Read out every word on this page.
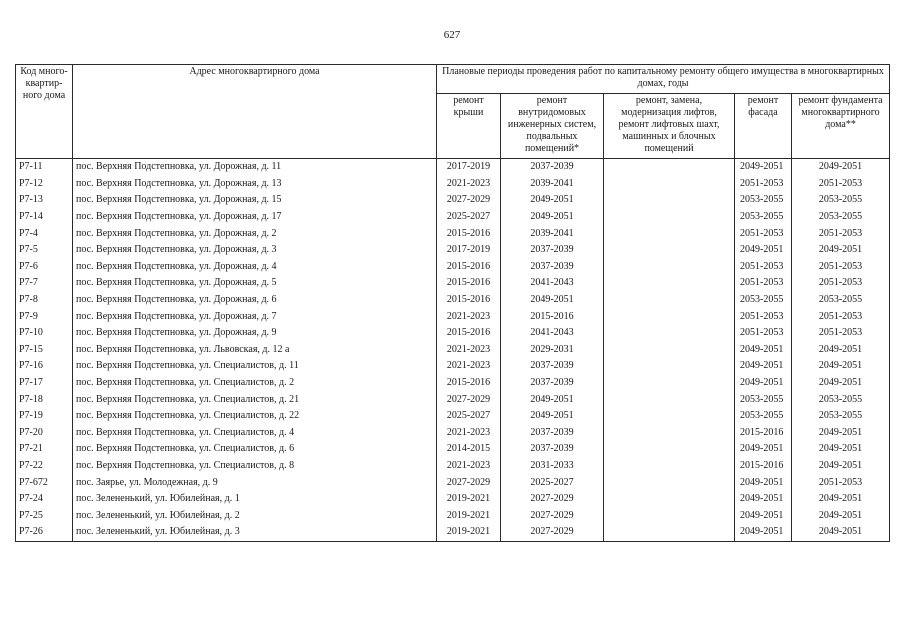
627
Код много-квартир-ного дома	Адрес многоквартирного дома	Плановые периоды проведения работ по капитальному ремонту общего имущества в многоквартирных домах, годы				
		ремонт крыши	ремонт внутридомовых инженерных систем, подвальных помещений*	ремонт, замена, модернизация лифтов, ремонт лифтовых шахт, машинных и блочных помещений	ремонт фасада	ремонт фундамента многоквартирного дома**
Р7-11	пос. Верхняя Подстепновка, ул. Дорожная, д. 11	2017-2019	2037-2039		2049-2051	2049-2051
Р7-12	пос. Верхняя Подстепновка, ул. Дорожная, д. 13	2021-2023	2039-2041		2051-2053	2051-2053
Р7-13	пос. Верхняя Подстепновка, ул. Дорожная, д. 15	2027-2029	2049-2051		2053-2055	2053-2055
Р7-14	пос. Верхняя Подстепновка, ул. Дорожная, д. 17	2025-2027	2049-2051		2053-2055	2053-2055
Р7-4	пос. Верхняя Подстепновка, ул. Дорожная, д. 2	2015-2016	2039-2041		2051-2053	2051-2053
Р7-5	пос. Верхняя Подстепновка, ул. Дорожная, д. 3	2017-2019	2037-2039		2049-2051	2049-2051
Р7-6	пос. Верхняя Подстепновка, ул. Дорожная, д. 4	2015-2016	2037-2039		2051-2053	2051-2053
Р7-7	пос. Верхняя Подстепновка, ул. Дорожная, д. 5	2015-2016	2041-2043		2051-2053	2051-2053
Р7-8	пос. Верхняя Подстепновка, ул. Дорожная, д. 6	2015-2016	2049-2051		2053-2055	2053-2055
Р7-9	пос. Верхняя Подстепновка, ул. Дорожная, д. 7	2021-2023	2015-2016		2051-2053	2051-2053
Р7-10	пос. Верхняя Подстепновка, ул. Дорожная, д. 9	2015-2016	2041-2043		2051-2053	2051-2053
Р7-15	пос. Верхняя Подстепновка, ул. Львовская, д. 12 а	2021-2023	2029-2031		2049-2051	2049-2051
Р7-16	пос. Верхняя Подстепновка, ул. Специалистов, д. 11	2021-2023	2037-2039		2049-2051	2049-2051
Р7-17	пос. Верхняя Подстепновка, ул. Специалистов, д. 2	2015-2016	2037-2039		2049-2051	2049-2051
Р7-18	пос. Верхняя Подстепновка, ул. Специалистов, д. 21	2027-2029	2049-2051		2053-2055	2053-2055
Р7-19	пос. Верхняя Подстепновка, ул. Специалистов, д. 22	2025-2027	2049-2051		2053-2055	2053-2055
Р7-20	пос. Верхняя Подстепновка, ул. Специалистов, д. 4	2021-2023	2037-2039		2015-2016	2049-2051
Р7-21	пос. Верхняя Подстепновка, ул. Специалистов, д. 6	2014-2015	2037-2039		2049-2051	2049-2051
Р7-22	пос. Верхняя Подстепновка, ул. Специалистов, д. 8	2021-2023	2031-2033		2015-2016	2049-2051
Р7-672	пос. Заярье, ул. Молодежная, д. 9	2027-2029	2025-2027		2049-2051	2051-2053
Р7-24	пос. Зелененький, ул. Юбилейная, д. 1	2019-2021	2027-2029		2049-2051	2049-2051
Р7-25	пос. Зелененький, ул. Юбилейная, д. 2	2019-2021	2027-2029		2049-2051	2049-2051
Р7-26	пос. Зелененький, ул. Юбилейная, д. 3	2019-2021	2027-2029		2049-2051	2049-2051
